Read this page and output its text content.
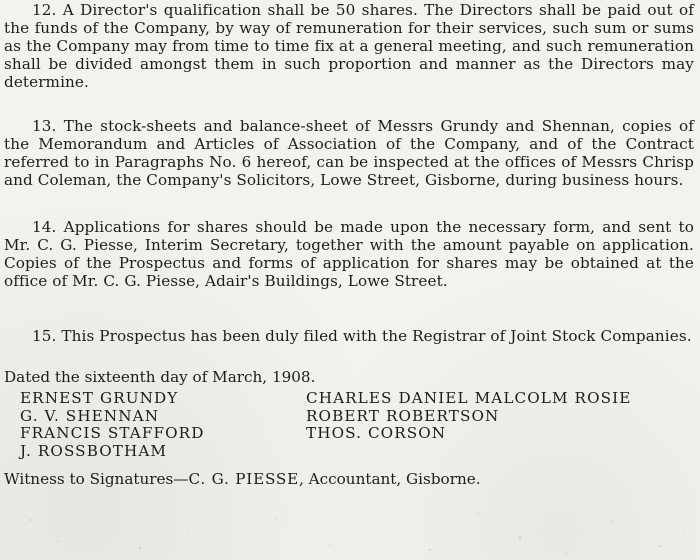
12. A Director's qualification shall be 50 shares. The Directors shall be paid out of the funds of the Company, by way of remuneration for their services, such sum or sums as the Company may from time to time fix at a general meeting, and such remuneration shall be divided amongst them in such proportion and manner as the Directors may determine.

13. The stock-sheets and balance-sheet of Messrs Grundy and Shennan, copies of the Memorandum and Articles of Association of the Company, and of the Contract referred to in Paragraphs No. 6 hereof, can be inspected at the offices of Messrs Chrisp and Coleman, the Company's Solicitors, Lowe Street, Gisborne, during business hours.

14. Applications for shares should be made upon the necessary form, and sent to Mr. C. G. Piesse, Interim Secretary, together with the amount payable on application. Copies of the Prospectus and forms of application for shares may be obtained at the office of Mr. C. G. Piesse, Adair's Buildings, Lowe Street.

15. This Prospectus has been duly filed with the Registrar of Joint Stock Companies.

Dated the sixteenth day of March, 1908.
ERNEST GRUNDY
G. V. SHENNAN
FRANCIS STAFFORD
J. ROSSBOTHAM
CHARLES DANIEL MALCOLM ROSIE
ROBERT ROBERTSON
THOS. CORSON
Witness to Signatures—C. G. PIESSE, Accountant, Gisborne.
